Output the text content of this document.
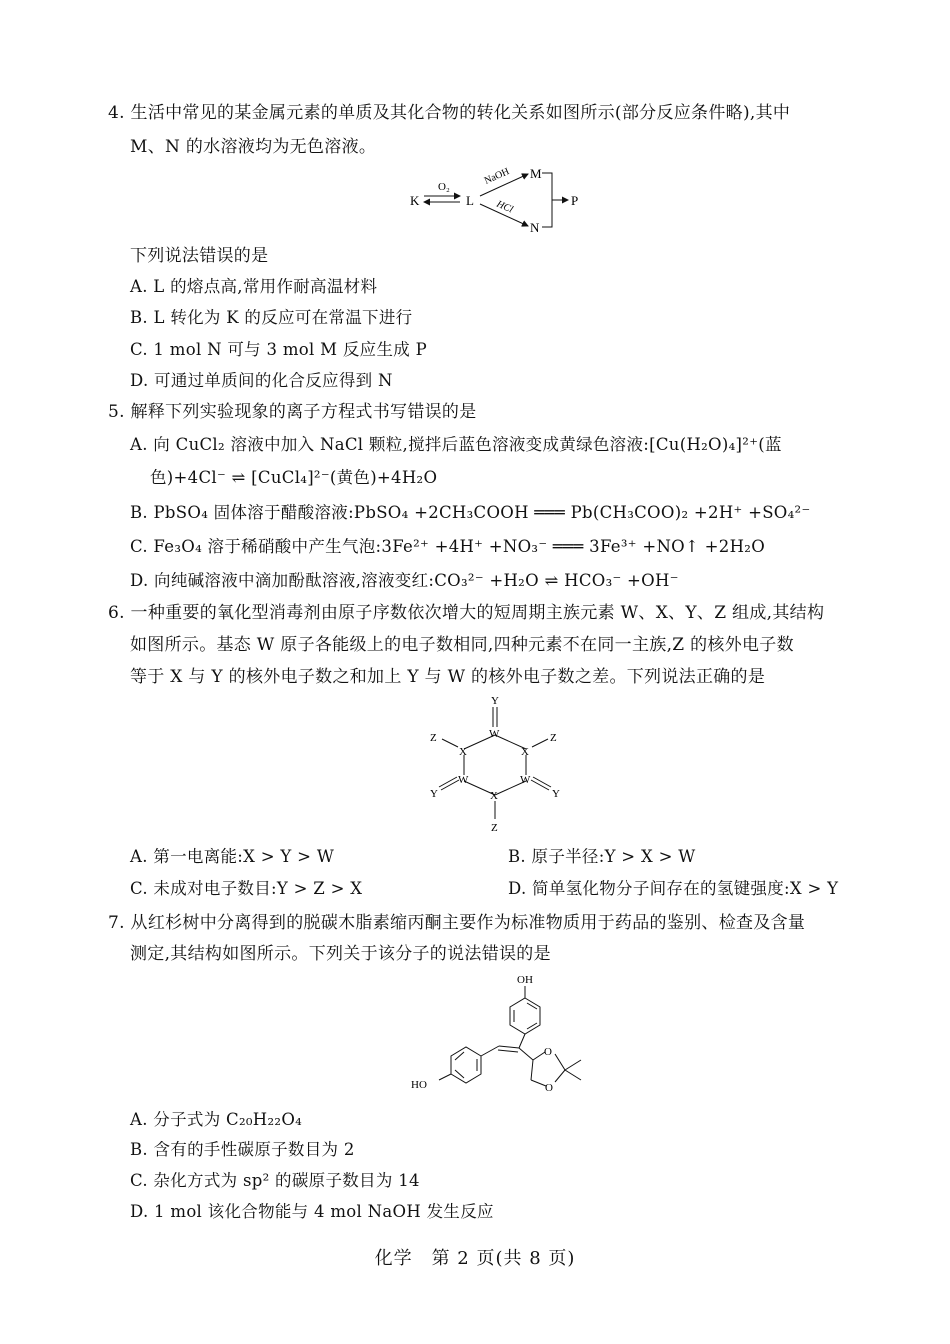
4. 生活中常见的某金属元素的单质及其化合物的转化关系如图所示(部分反应条件略),其中
M、N 的水溶液均为无色溶液。
K
O₂
L
NaOH
HCl
M
N
P
下列说法错误的是
A. L 的熔点高,常用作耐高温材料
B. L 转化为 K 的反应可在常温下进行
C. 1 mol N 可与 3 mol M 反应生成 P
D. 可通过单质间的化合反应得到 N
5. 解释下列实验现象的离子方程式书写错误的是
A. 向 CuCl₂ 溶液中加入 NaCl 颗粒,搅拌后蓝色溶液变成黄绿色溶液:[Cu(H₂O)₄]²⁺(蓝
色)+4Cl⁻ ⇌ [CuCl₄]²⁻(黄色)+4H₂O
B. PbSO₄ 固体溶于醋酸溶液:PbSO₄ +2CH₃COOH ═══ Pb(CH₃COO)₂ +2H⁺ +SO₄²⁻
C. Fe₃O₄ 溶于稀硝酸中产生气泡:3Fe²⁺ +4H⁺ +NO₃⁻ ═══ 3Fe³⁺ +NO↑ +2H₂O
D. 向纯碱溶液中滴加酚酞溶液,溶液变红:CO₃²⁻ +H₂O ⇌ HCO₃⁻ +OH⁻
6. 一种重要的氧化型消毒剂由原子序数依次增大的短周期主族元素 W、X、Y、Z 组成,其结构
如图所示。基态 W 原子各能级上的电子数相同,四种元素不在同一主族,Z 的核外电子数
等于 X 与 Y 的核外电子数之和加上 Y 与 W 的核外电子数之差。下列说法正确的是
Y
W
X
W
X
W
X
Z	Z
Z
Y	Y
A. 第一电离能:X > Y > W	B. 原子半径:Y > X > W
C. 未成对电子数目:Y > Z > X	D. 简单氢化物分子间存在的氢键强度:X > Y
7. 从红杉树中分离得到的脱碳木脂素缩丙酮主要作为标准物质用于药品的鉴别、检查及含量
测定,其结构如图所示。下列关于该分子的说法错误的是
OH
HO
O
O
A. 分子式为 C₂₀H₂₂O₄
B. 含有的手性碳原子数目为 2
C. 杂化方式为 sp² 的碳原子数目为 14
D. 1 mol 该化合物能与 4 mol NaOH 发生反应
化学　第 2 页(共 8 页)
